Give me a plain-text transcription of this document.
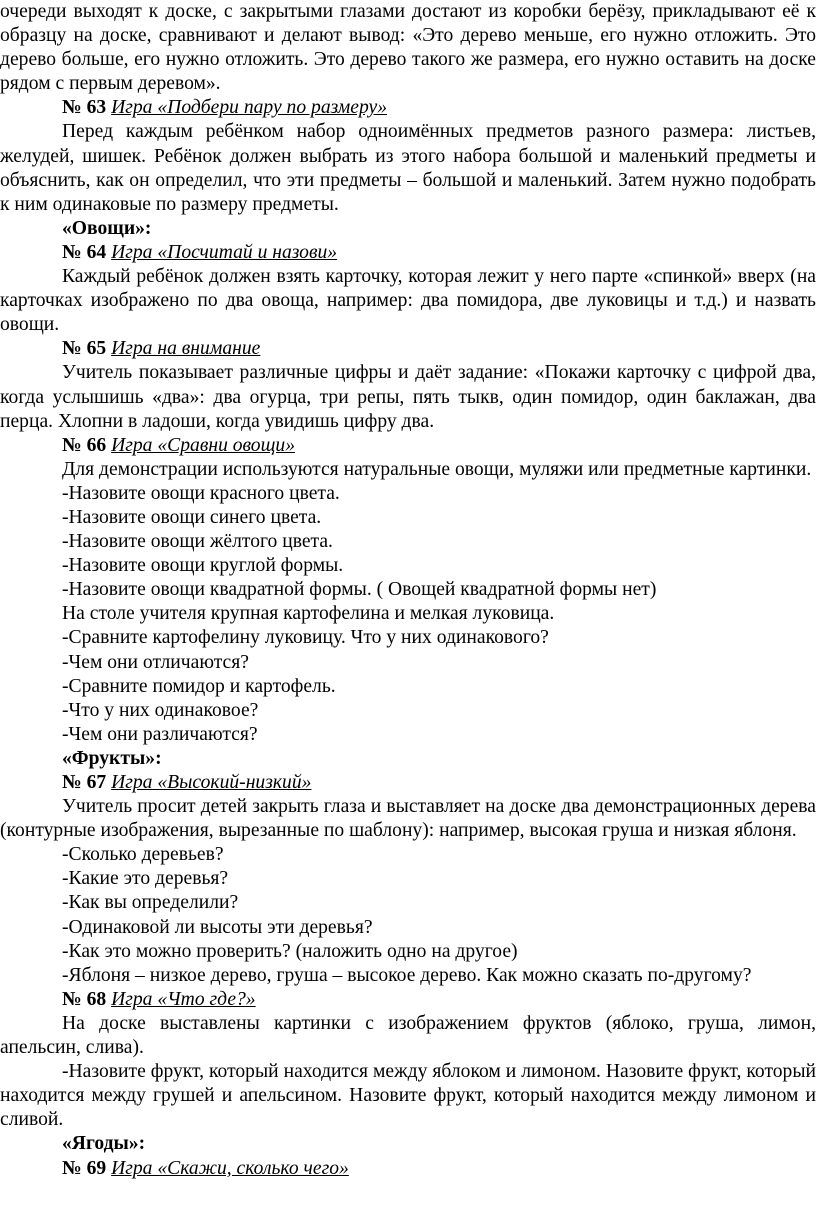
очереди выходят к доске, с закрытыми глазами достают из коробки берёзу, прикладывают её к образцу на доске, сравнивают и делают вывод: «Это дерево меньше, его нужно отложить. Это дерево больше, его нужно отложить. Это дерево такого же размера, его нужно оставить на доске рядом с первым деревом».

№ 63 Игра «Подбери пару по размеру»

Перед каждым ребёнком набор одноимённых предметов разного размера: листьев, желудей, шишек. Ребёнок должен выбрать из этого набора большой и маленький предметы и объяснить, как он определил, что эти предметы – большой и маленький. Затем нужно подобрать к ним одинаковые по размеру предметы.

«Овощи»:

№ 64 Игра «Посчитай и назови»

Каждый ребёнок должен взять карточку, которая лежит у него парте «спинкой» вверх (на карточках изображено по два овоща, например: два помидора, две луковицы и т.д.) и назвать овощи.

№ 65 Игра на внимание

Учитель показывает различные цифры и даёт задание: «Покажи карточку с цифрой два, когда услышишь «два»: два огурца, три репы, пять тыкв, один помидор, один баклажан, два перца. Хлопни в ладоши, когда увидишь цифру два.

№ 66 Игра «Сравни овощи»

Для демонстрации используются натуральные овощи, муляжи или предметные картинки.

-Назовите овощи красного цвета.

-Назовите овощи синего цвета.

-Назовите овощи жёлтого цвета.

-Назовите овощи круглой формы.

-Назовите овощи квадратной формы. ( Овощей квадратной формы нет)

На столе учителя крупная картофелина и мелкая луковица.

-Сравните картофелину луковицу. Что у них одинакового?

-Чем они отличаются?

-Сравните помидор и картофель.

-Что у них одинаковое?

-Чем они различаются?

«Фрукты»:

№ 67 Игра «Высокий-низкий»

Учитель просит детей закрыть глаза и выставляет на доске два демонстрационных дерева (контурные изображения, вырезанные по шаблону): например, высокая груша и низкая яблоня.

-Сколько деревьев?

-Какие это деревья?

-Как вы определили?

-Одинаковой ли высоты эти деревья?

-Как это можно проверить? (наложить одно на другое)

-Яблоня – низкое дерево, груша – высокое дерево. Как можно сказать по-другому?

№ 68 Игра «Что где?»

На доске выставлены картинки с изображением фруктов (яблоко, груша, лимон, апельсин, слива).

-Назовите фрукт, который находится между яблоком и лимоном. Назовите фрукт, который находится между грушей и апельсином. Назовите фрукт, который находится между лимоном и сливой.

«Ягоды»:

№ 69 Игра «Скажи, сколько чего»
